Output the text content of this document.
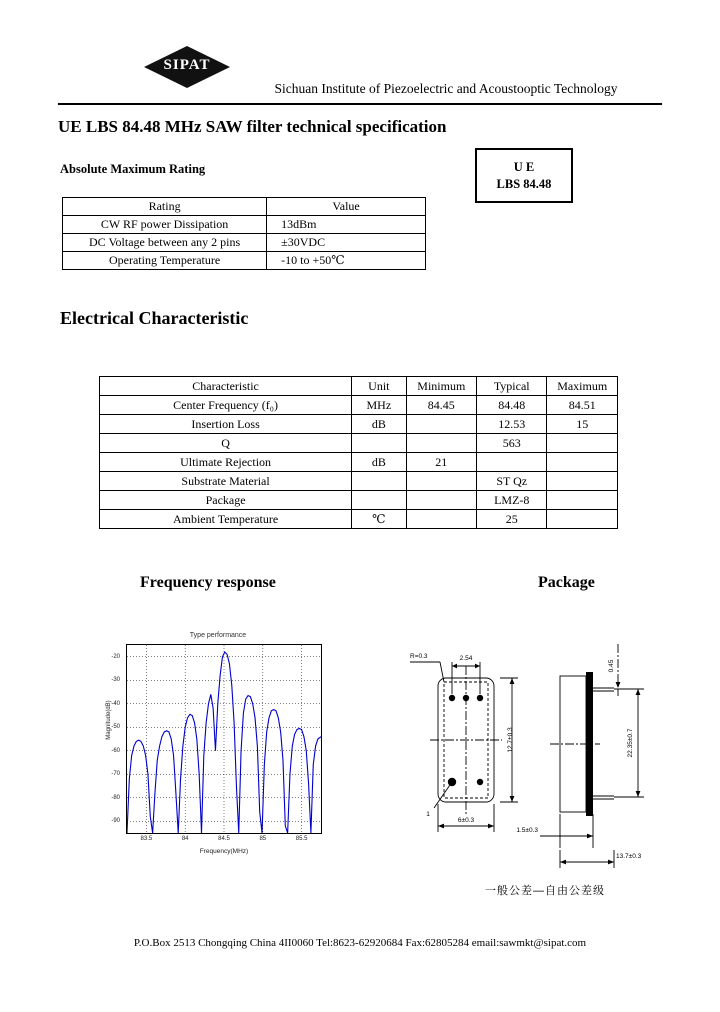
SIPAT
Sichuan Institute of Piezoelectric and Acoustooptic Technology
UE LBS 84.48 MHz SAW filter technical specification
Absolute Maximum Rating	U E
LBS 84.48
Rating	Value
CW RF power Dissipation	13dBm
DC Voltage between any 2 pins	±30VDC
Operating Temperature	-10 to +50℃
Electrical Characteristic
Characteristic	Unit	Minimum	Typical	Maximum
Center Frequency (f₀)	MHz	84.45	84.48	84.51
Insertion Loss	dB		12.53	15
Q			563	
Ultimate Rejection	dB	21		
Substrate Material			ST Qz	
Package			LMZ-8	
Ambient Temperature	℃		25	
Frequency response	Package
Type performance
-20
-30
-40
-50
-60
-70
-80
-90
83.5	84	84.5	85	85.5
Frequency(MHz)
Magnitude(dB)
2.54
R=0.3
12.7±0.3
6±0.3
1
0.45
22.35±0.7
1.5±0.3
13.7±0.3
一般公差—自由公差级
P.O.Box 2513 Chongqing China 4II0060 Tel:8623-62920684 Fax:62805284 email:sawmkt@sipat.com
